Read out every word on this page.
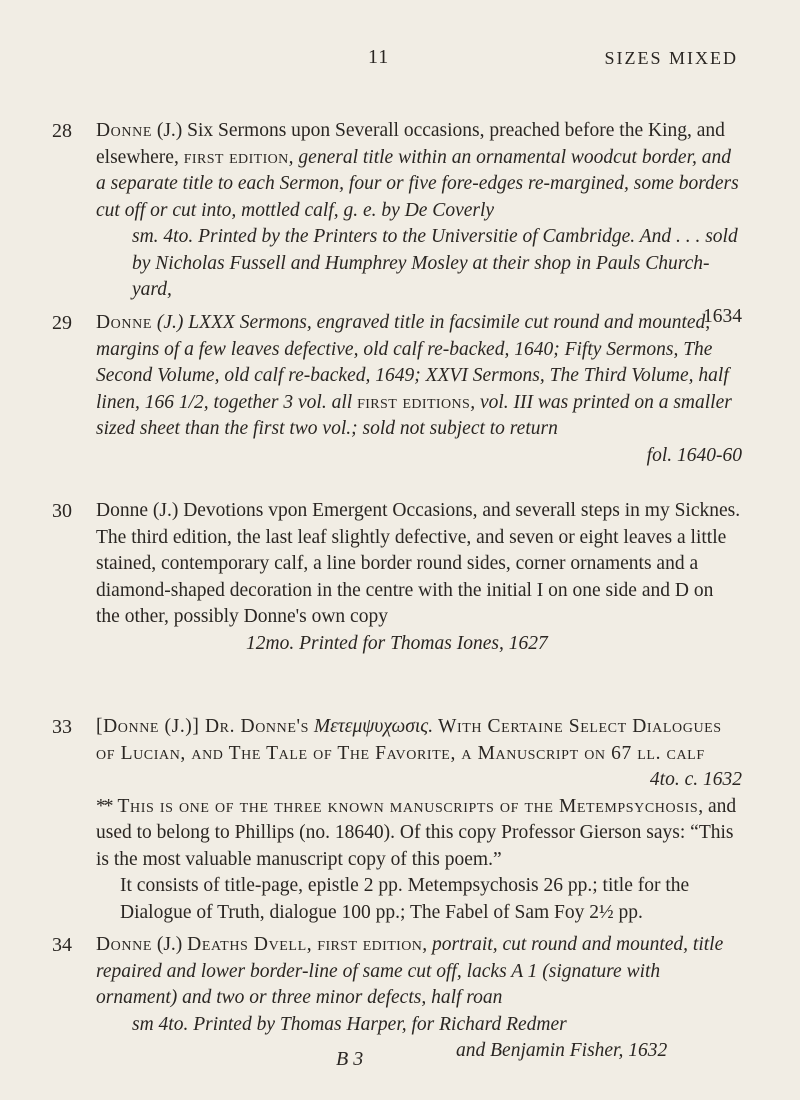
11	SIZES MIXED
28 Donne (J.) Six Sermons upon Severall occasions, preached before the King, and elsewhere, first edition, general title within an ornamental woodcut border, and a separate title to each Sermon, four or five fore-edges re-margined, some borders cut off or cut into, mottled calf, g. e. by De Coverly

sm. 4to. Printed by the Printers to the Universitie of Cambridge. And . . . sold by Nicholas Fussell and Humphrey Mosley at their shop in Pauls Church-yard,

1634

29 Donne (J.) LXXX Sermons, engraved title in facsimile cut round and mounted, margins of a few leaves defective, old calf re-backed, 1640; Fifty Sermons, The Second Volume, old calf re-backed, 1649; XXVI Sermons, The Third Volume, half linen, 166 1/2, together 3 vol. all first editions, vol. III was printed on a smaller sized sheet than the first two vol.; sold not subject to return

fol. 1640-60

30 Donne (J.) Devotions vpon Emergent Occasions, and severall steps in my Sicknes. The third edition, the last leaf slightly defective, and seven or eight leaves a little stained, contemporary calf, a line border round sides, corner ornaments and a diamond-shaped decoration in the centre with the initial I on one side and D on the other, possibly Donne's own copy

12mo. Printed for Thomas Iones, 1627

33 [Donne (J.)] Dr. Donne's Μετεμψυχωσις. With Certaine Select Dialogues of Lucian, and The Tale of The Favorite, a Manuscript on 67 ll. calf

4to. c. 1632

** This is one of the three known manuscripts of the Metempsychosis, and used to belong to Phillips (no. 18640). Of this copy Professor Gierson says: “This is the most valuable manuscript copy of this poem.”

It consists of title-page, epistle 2 pp. Metempsychosis 26 pp.; title for the Dialogue of Truth, dialogue 100 pp.; The Fabel of Sam Foy 2½ pp.

34 Donne (J.) Deaths Dvell, first edition, portrait, cut round and mounted, title repaired and lower border-line of same cut off, lacks A 1 (signature with ornament) and two or three minor defects, half roan

sm 4to. Printed by Thomas Harper, for Richard Redmer

and Benjamin Fisher, 1632

B 3
